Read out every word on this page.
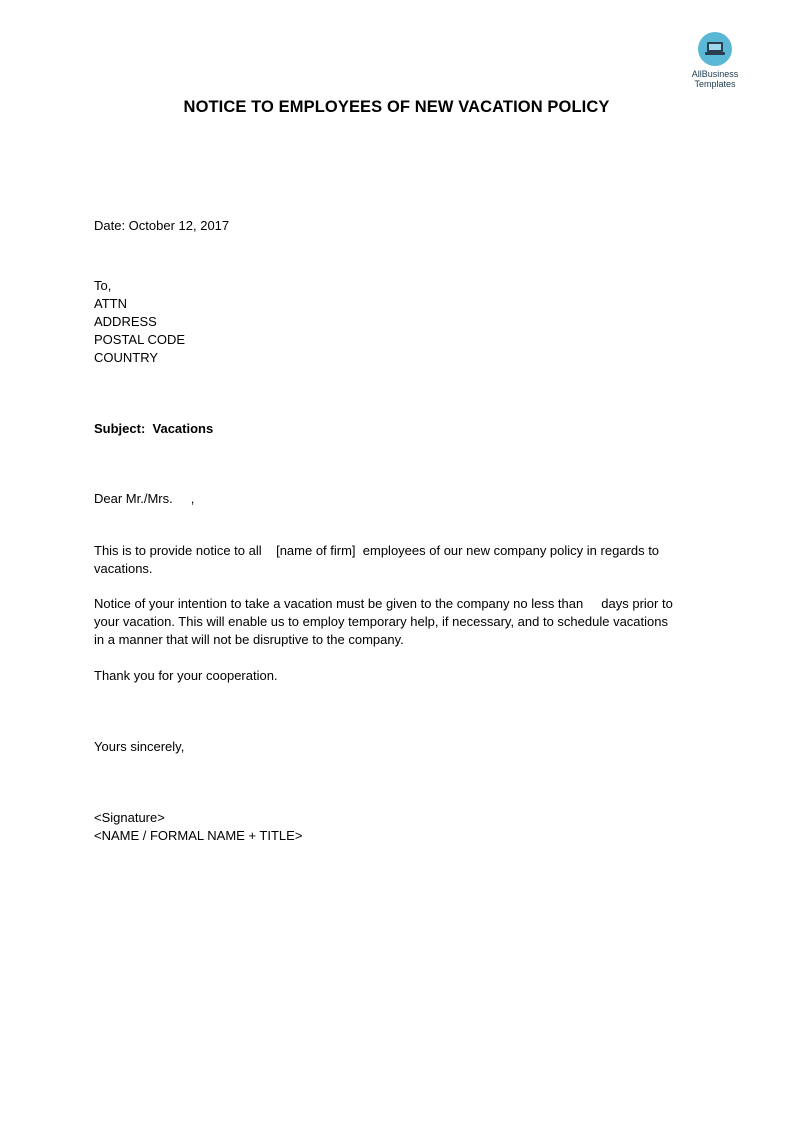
AllBusiness
Templates
NOTICE TO EMPLOYEES OF NEW VACATION POLICY
Date: October 12, 2017
To,
ATTN
ADDRESS
POSTAL CODE
COUNTRY
Subject:  Vacations
Dear Mr./Mrs.     ,
This is to provide notice to all    [name of firm]  employees of our new company policy in regards to
vacations.
Notice of your intention to take a vacation must be given to the company no less than     days prior to
your vacation. This will enable us to employ temporary help, if necessary, and to schedule vacations
in a manner that will not be disruptive to the company.
Thank you for your cooperation.
Yours sincerely,
<Signature>
<NAME / FORMAL NAME + TITLE>
